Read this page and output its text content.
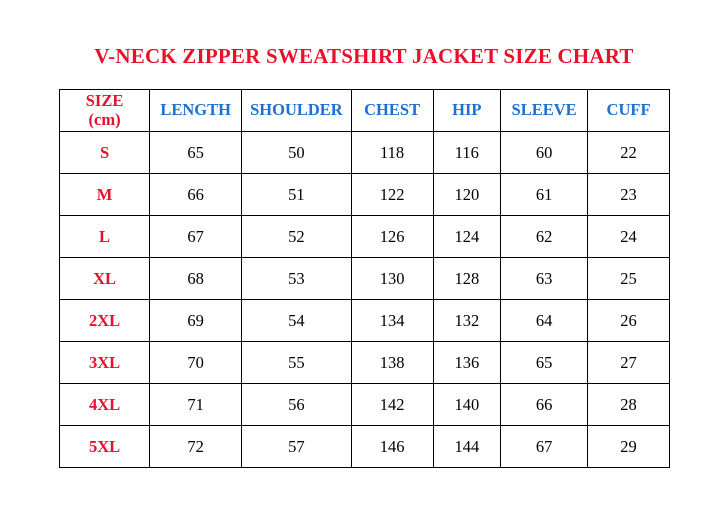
V-NECK ZIPPER SWEATSHIRT JACKET SIZE CHART
SIZE
(cm)	LENGTH	SHOULDER	CHEST	HIP	SLEEVE	CUFF
S	65	50	118	116	60	22
M	66	51	122	120	61	23
L	67	52	126	124	62	24
XL	68	53	130	128	63	25
2XL	69	54	134	132	64	26
3XL	70	55	138	136	65	27
4XL	71	56	142	140	66	28
5XL	72	57	146	144	67	29
